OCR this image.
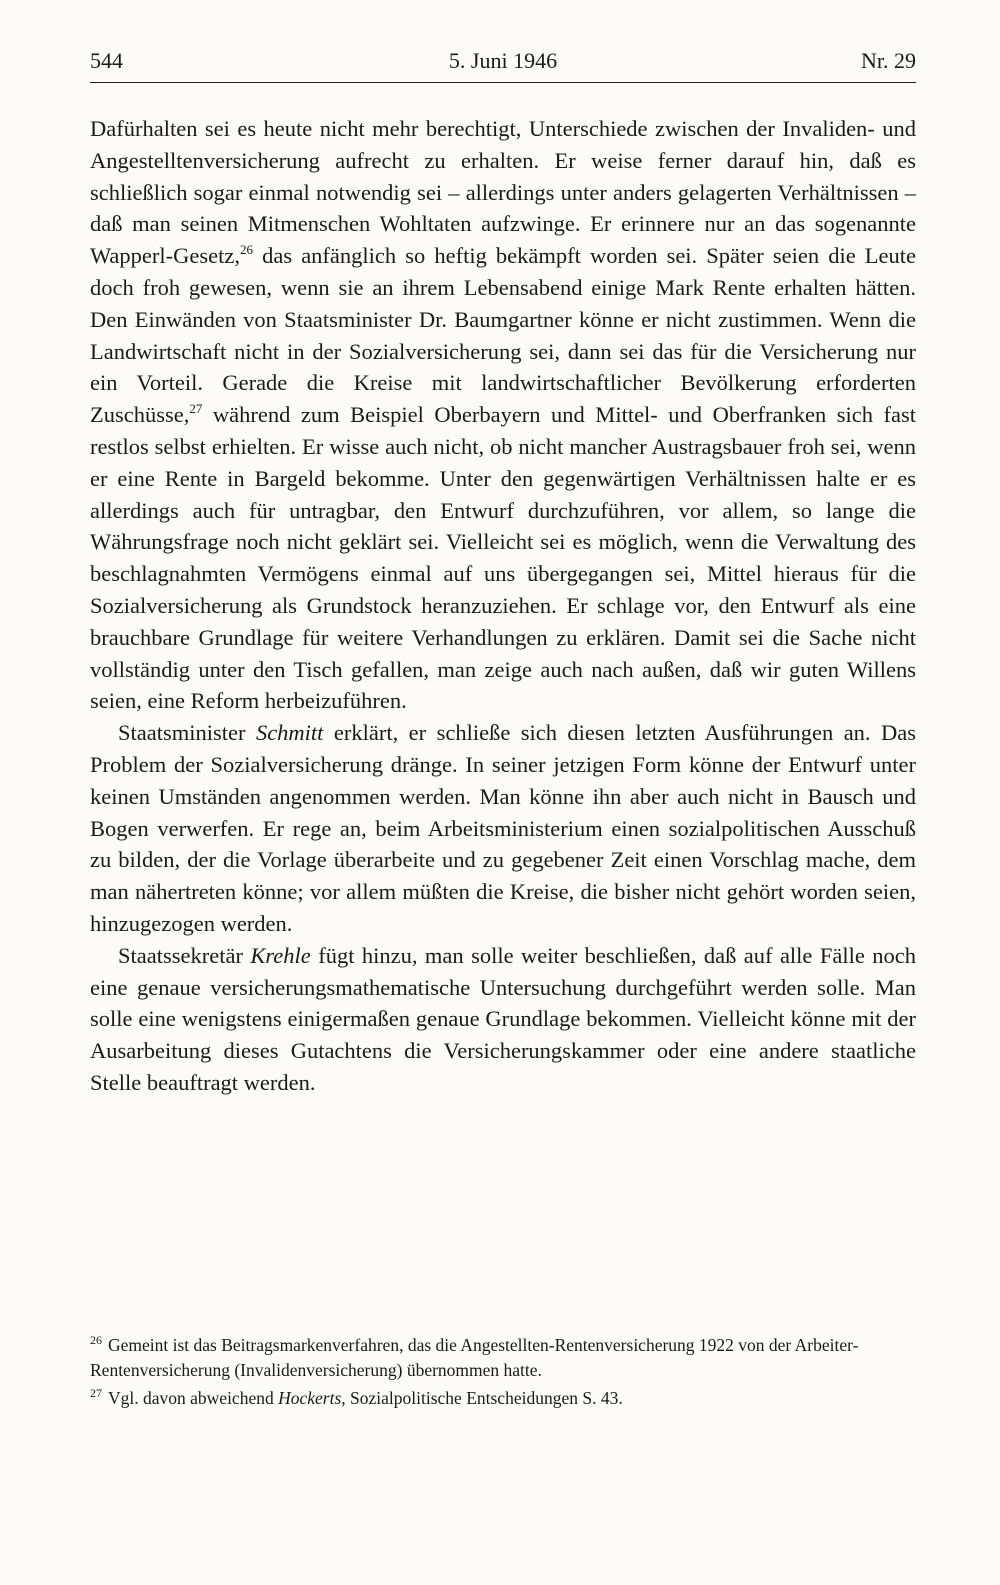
544	5. Juni 1946	Nr. 29

Dafürhalten sei es heute nicht mehr berechtigt, Unterschiede zwischen der Invaliden- und Angestelltenversicherung aufrecht zu erhalten. Er weise ferner darauf hin, daß es schließlich sogar einmal notwendig sei – allerdings unter anders gelagerten Verhältnissen – daß man seinen Mitmenschen Wohltaten aufzwinge. Er erinnere nur an das sogenannte Wapperl-Gesetz,$^{26}$ das anfänglich so heftig bekämpft worden sei. Später seien die Leute doch froh gewesen, wenn sie an ihrem Lebensabend einige Mark Rente erhalten hätten. Den Einwänden von Staatsminister Dr. Baumgartner könne er nicht zustimmen. Wenn die Landwirtschaft nicht in der Sozialversicherung sei, dann sei das für die Versicherung nur ein Vorteil. Gerade die Kreise mit landwirtschaftlicher Bevölkerung erforderten Zuschüsse,$^{27}$ während zum Beispiel Oberbayern und Mittel- und Oberfranken sich fast restlos selbst erhielten. Er wisse auch nicht, ob nicht mancher Austragsbauer froh sei, wenn er eine Rente in Bargeld bekomme. Unter den gegenwärtigen Verhältnissen halte er es allerdings auch für untragbar, den Entwurf durchzuführen, vor allem, so lange die Währungsfrage noch nicht geklärt sei. Vielleicht sei es möglich, wenn die Verwaltung des beschlagnahmten Vermögens einmal auf uns übergegangen sei, Mittel hieraus für die Sozialversicherung als Grundstock heranzuziehen. Er schlage vor, den Entwurf als eine brauchbare Grundlage für weitere Verhandlungen zu erklären. Damit sei die Sache nicht vollständig unter den Tisch gefallen, man zeige auch nach außen, daß wir guten Willens seien, eine Reform herbeizuführen.

Staatsminister Schmitt erklärt, er schließe sich diesen letzten Ausführungen an. Das Problem der Sozialversicherung dränge. In seiner jetzigen Form könne der Entwurf unter keinen Umständen angenommen werden. Man könne ihn aber auch nicht in Bausch und Bogen verwerfen. Er rege an, beim Arbeitsministerium einen sozialpolitischen Ausschuß zu bilden, der die Vorlage überarbeite und zu gegebener Zeit einen Vorschlag mache, dem man nähertreten könne; vor allem müßten die Kreise, die bisher nicht gehört worden seien, hinzugezogen werden.

Staatssekretär Krehle fügt hinzu, man solle weiter beschließen, daß auf alle Fälle noch eine genaue versicherungsmathematische Untersuchung durchgeführt werden solle. Man solle eine wenigstens einigermaßen genaue Grundlage bekommen. Vielleicht könne mit der Ausarbeitung dieses Gutachtens die Versicherungskammer oder eine andere staatliche Stelle beauftragt werden.

$^{26}$ Gemeint ist das Beitragsmarkenverfahren, das die Angestellten-Rentenversicherung 1922 von der Arbeiter-Rentenversicherung (Invalidenversicherung) übernommen hatte.

$^{27}$ Vgl. davon abweichend Hockerts, Sozialpolitische Entscheidungen S. 43.
